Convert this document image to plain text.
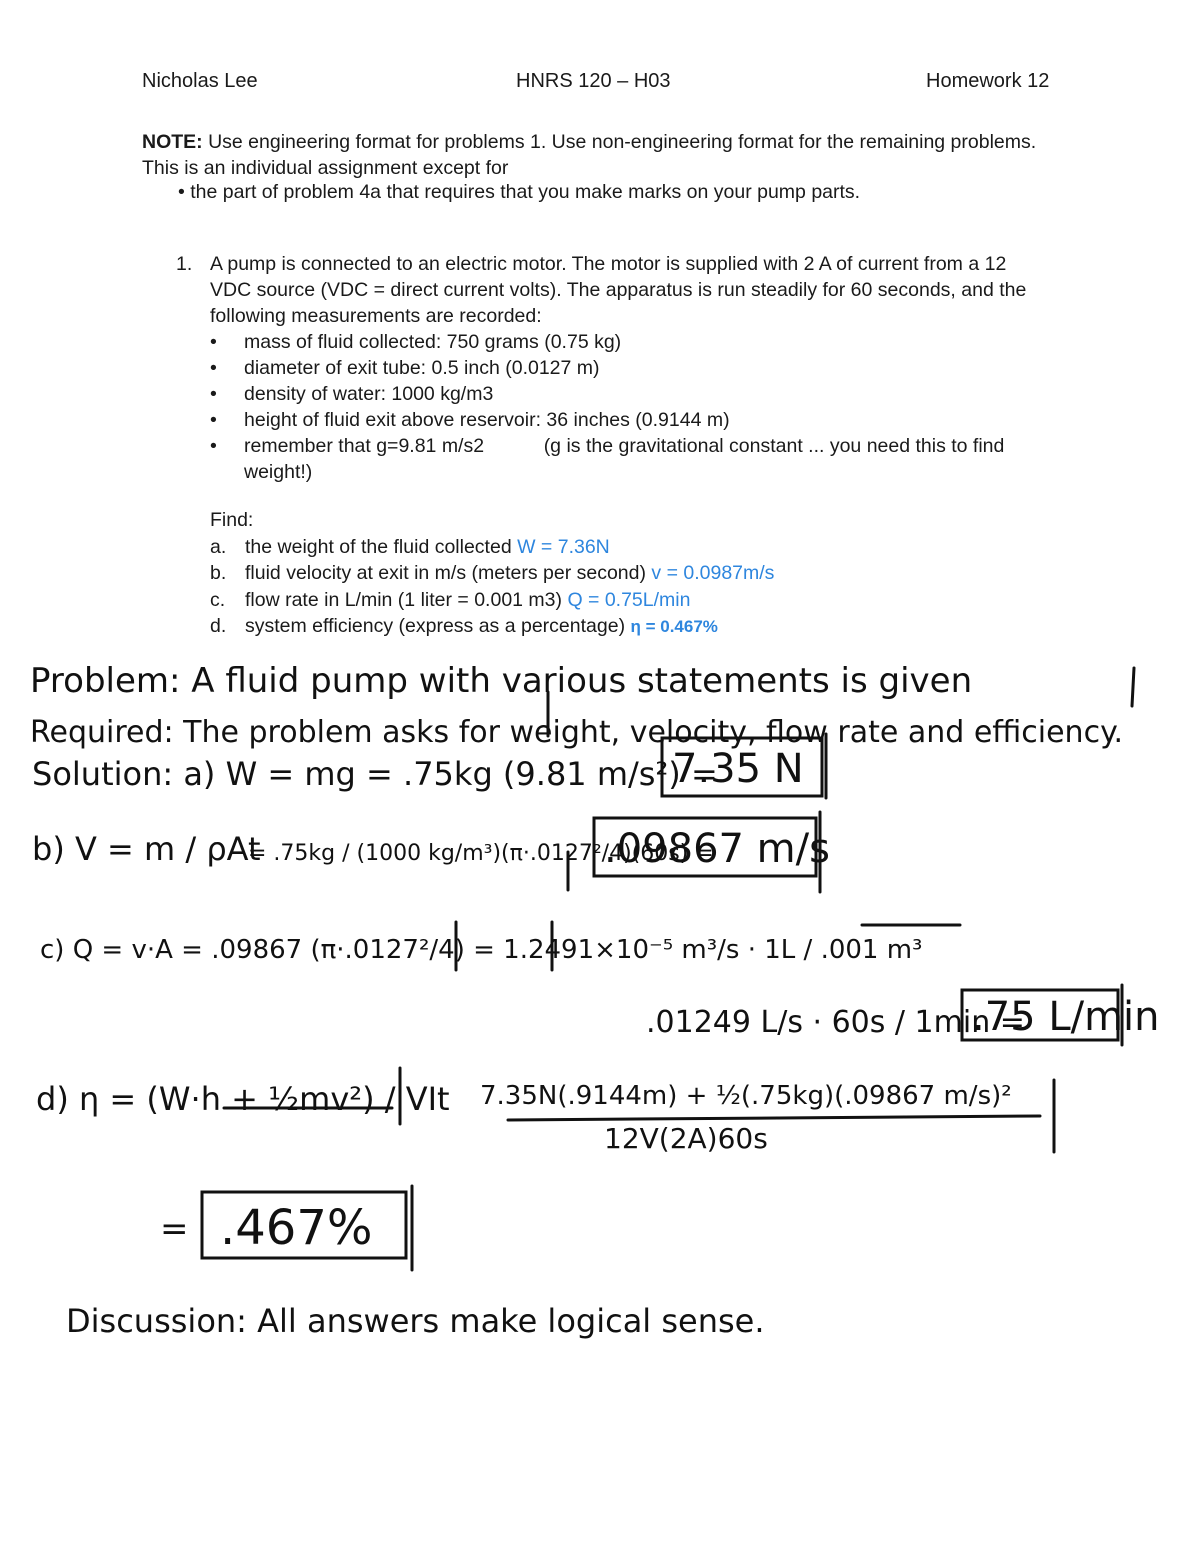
Nicholas Lee	HNRS 120 – H03	Homework 12
NOTE: Use engineering format for problems 1. Use non-engineering format for the remaining problems. This is an individual assignment except for
• the part of problem 4a that requires that you make marks on your pump parts.
1. A pump is connected to an electric motor. The motor is supplied with 2 A of current from a 12 VDC source (VDC = direct current volts). The apparatus is run steadily for 60 seconds, and the following measurements are recorded:
• mass of fluid collected: 750 grams (0.75 kg)
• diameter of exit tube: 0.5 inch (0.0127 m)
• density of water: 1000 kg/m3
• height of fluid exit above reservoir: 36 inches (0.9144 m)
• remember that g=9.81 m/s2	(g is the gravitational constant ... you need this to find weight!)
Find:
a. the weight of the fluid collected W = 7.36N
b. fluid velocity at exit in m/s (meters per second) v = 0.0987m/s
c. flow rate in L/min (1 liter = 0.001 m3) Q = 0.75L/min
d. system efficiency (express as a percentage) η = 0.467%
Problem: A fluid pump with various statements is given
Required: The problem asks for weight, velocity, flow rate and efficiency.
Solution: a) W = mg = .75kg (9.81 m/s²) =
7.35 N
b) V = m / ρAt
= .75kg / (1000 kg/m³)(π·.0127²/4)(60s) =
.09867 m/s
c) Q = v·A = .09867 (π·.0127²/4) = 1.2491×10⁻⁵ m³/s · 1L / .001 m³
.01249 L/s · 60s / 1min =
.75 L/min
d) η = (W·h + ½mv²) / VIt 7.35N(.9144m) + ½(.75kg)(.09867 m/s)²
12V(2A)60s
= .467%
Discussion: All answers make logical sense.
